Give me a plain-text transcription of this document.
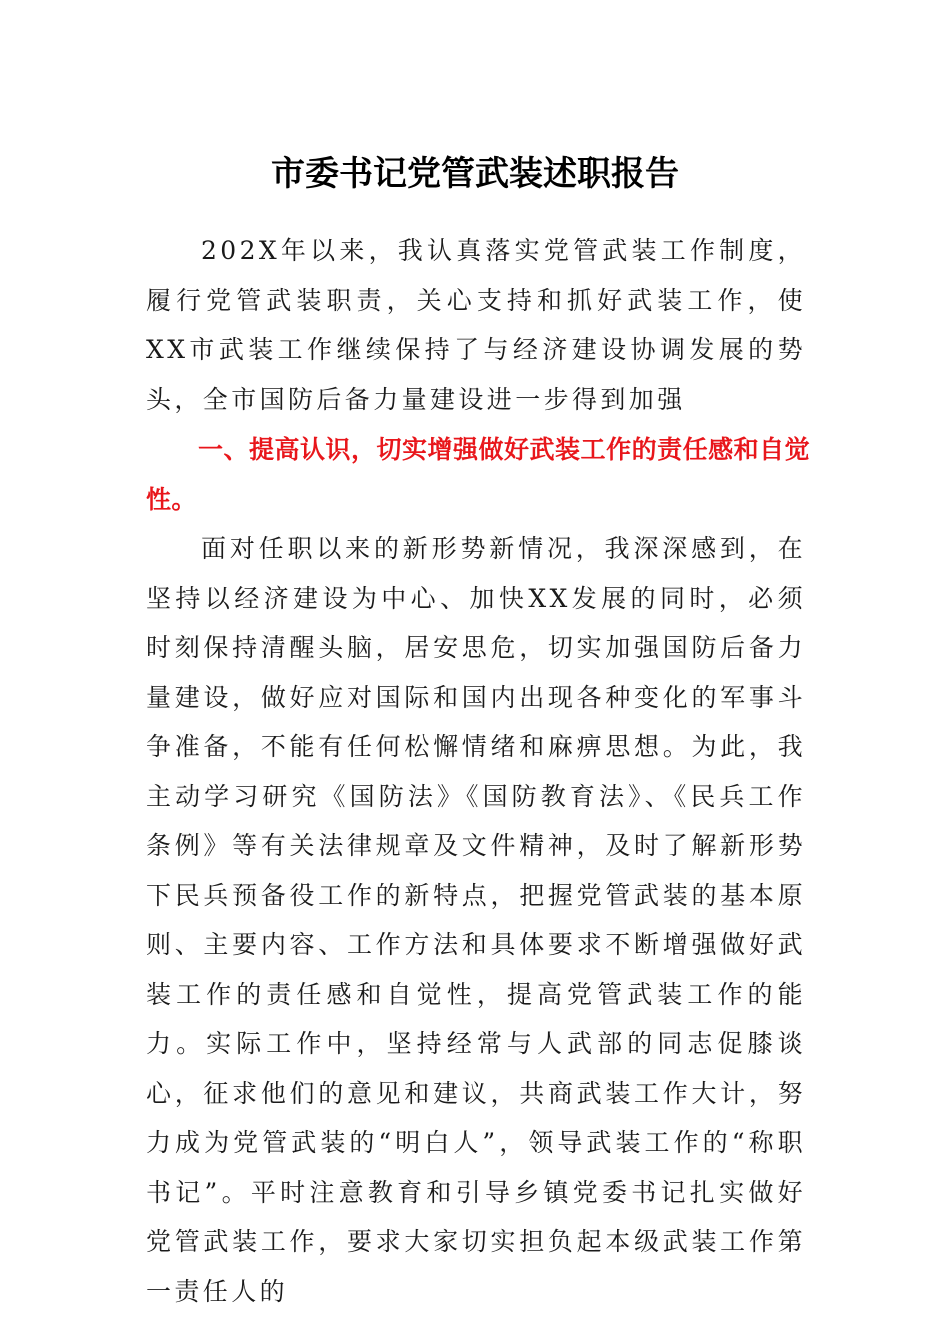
市委书记党管武装述职报告

202X年以来，我认真落实党管武装工作制度，履行党管武装职责，关心支持和抓好武装工作，使XX市武装工作继续保持了与经济建设协调发展的势头，全市国防后备力量建设进一步得到加强

一、提高认识，切实增强做好武装工作的责任感和自觉性。

面对任职以来的新形势新情况，我深深感到，在坚持以经济建设为中心、加快XX发展的同时，必须时刻保持清醒头脑，居安思危，切实加强国防后备力量建设，做好应对国际和国内出现各种变化的军事斗争准备，不能有任何松懈情绪和麻痹思想。为此，我主动学习研究《国防法》《国防教育法》、《民兵工作条例》等有关法律规章及文件精神，及时了解新形势下民兵预备役工作的新特点，把握党管武装的基本原则、主要内容、工作方法和具体要求不断增强做好武装工作的责任感和自觉性，提高党管武装工作的能力。实际工作中，坚持经常与人武部的同志促膝谈心，征求他们的意见和建议，共商武装工作大计，努力成为党管武装的“明白人”，领导武装工作的“称职书记”。平时注意教育和引导乡镇党委书记扎实做好党管武装工作，要求大家切实担负起本级武装工作第一责任人的
